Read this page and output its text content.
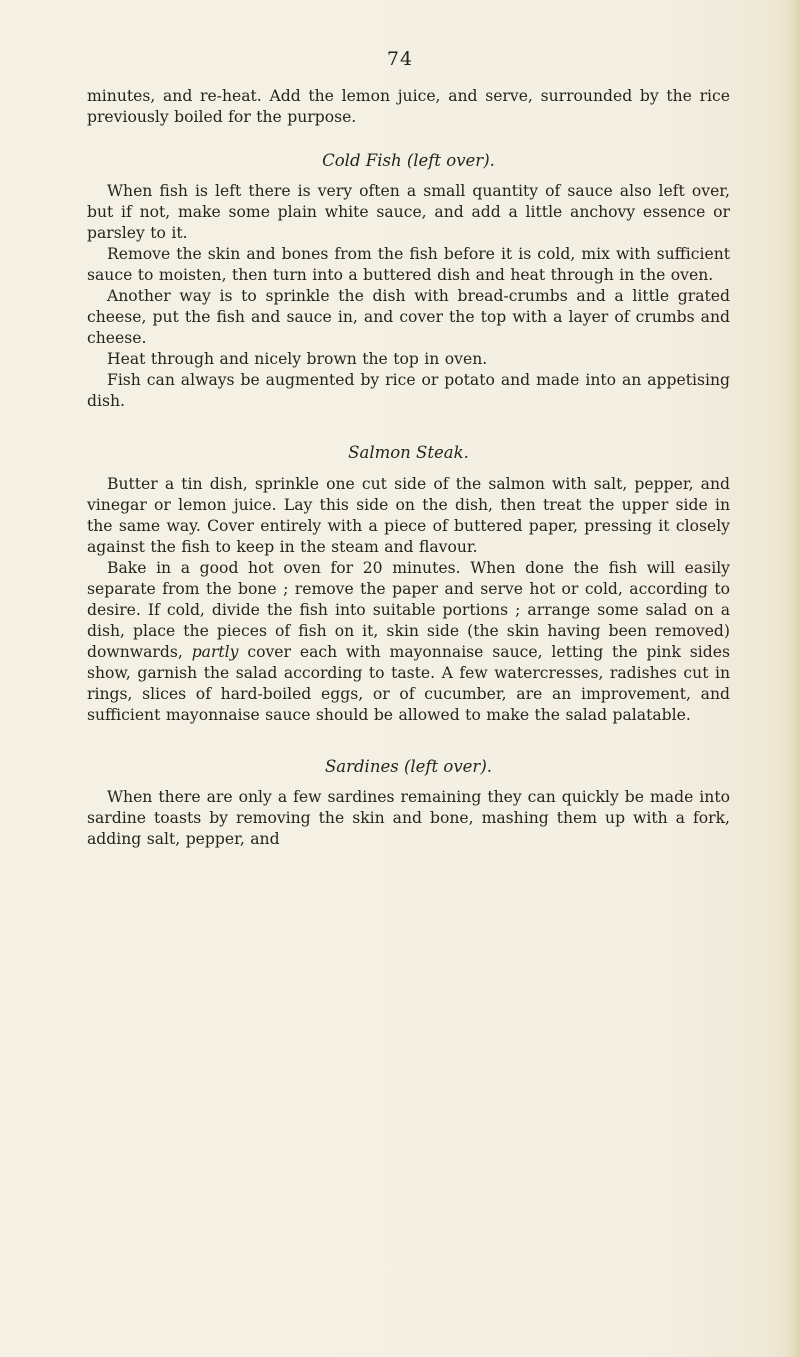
74

minutes, and re-heat. Add the lemon juice, and serve, surrounded by the rice previously boiled for the purpose.

Cold Fish (left over).

When fish is left there is very often a small quantity of sauce also left over, but if not, make some plain white sauce, and add a little anchovy essence or parsley to it.

Remove the skin and bones from the fish before it is cold, mix with sufficient sauce to moisten, then turn into a buttered dish and heat through in the oven.

Another way is to sprinkle the dish with bread-crumbs and a little grated cheese, put the fish and sauce in, and cover the top with a layer of crumbs and cheese.

Heat through and nicely brown the top in oven.

Fish can always be augmented by rice or potato and made into an appetising dish.

Salmon Steak.

Butter a tin dish, sprinkle one cut side of the salmon with salt, pepper, and vinegar or lemon juice. Lay this side on the dish, then treat the upper side in the same way. Cover entirely with a piece of buttered paper, pressing it closely against the fish to keep in the steam and flavour.

Bake in a good hot oven for 20 minutes. When done the fish will easily separate from the bone ; remove the paper and serve hot or cold, according to desire. If cold, divide the fish into suitable portions ; arrange some salad on a dish, place the pieces of fish on it, skin side (the skin having been removed) downwards, partly cover each with mayonnaise sauce, letting the pink sides show, garnish the salad according to taste. A few watercresses, radishes cut in rings, slices of hard-boiled eggs, or of cucumber, are an improvement, and sufficient mayonnaise sauce should be allowed to make the salad palatable.

Sardines (left over).

When there are only a few sardines remaining they can quickly be made into sardine toasts by removing the skin and bone, mashing them up with a fork, adding salt, pepper, and
